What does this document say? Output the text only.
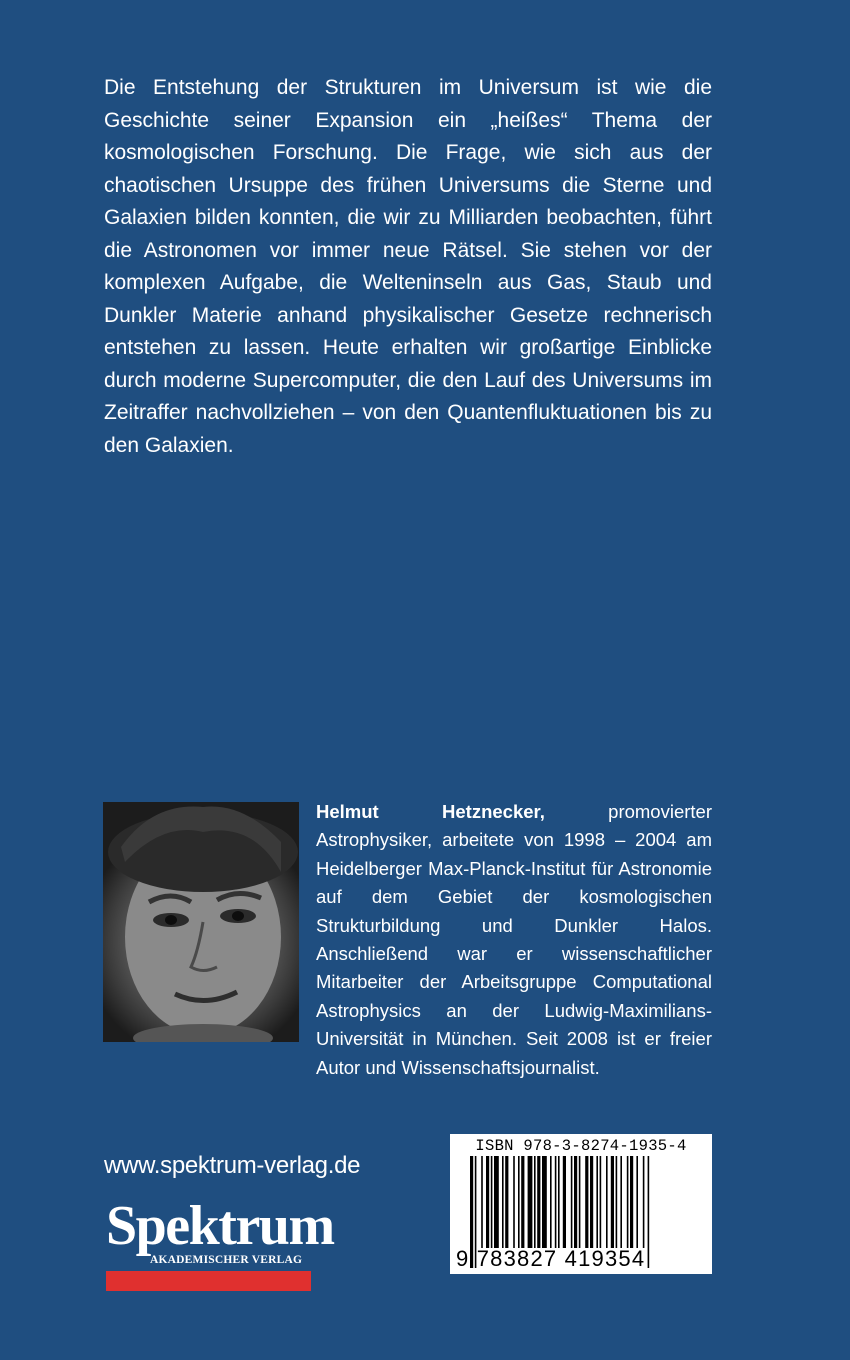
Die Entstehung der Strukturen im Universum ist wie die Geschichte seiner Expansion ein „heißes“ Thema der kosmologischen Forschung. Die Frage, wie sich aus der chaotischen Ursuppe des frühen Universums die Sterne und Galaxien bilden konnten, die wir zu Milliarden beobachten, führt die Astronomen vor immer neue Rätsel. Sie stehen vor der komplexen Aufgabe, die Welteninseln aus Gas, Staub und Dunkler Materie anhand physikalischer Gesetze rechnerisch entstehen zu lassen. Heute erhalten wir großartige Einblicke durch moderne Supercomputer, die den Lauf des Universums im Zeitraffer nachvollziehen – von den Quantenfluktuationen bis zu den Galaxien.

Helmut Hetznecker,	promovierter Astrophysiker, arbeitete von 1998 – 2004 am Heidelberger Max-Planck-Institut für Astronomie auf dem Gebiet der kosmologischen Strukturbildung und Dunkler Halos. Anschließend war er wissenschaftlicher Mitarbeiter der Arbeitsgruppe Computational Astrophysics an der Ludwig-Maximilians-Universität in München. Seit 2008 ist er freier Autor und Wissenschaftsjournalist.

www.spektrum-verlag.de
Spektrum
AKADEMISCHER VERLAG
ISBN 978-3-8274-1935-4
9 783827 419354
